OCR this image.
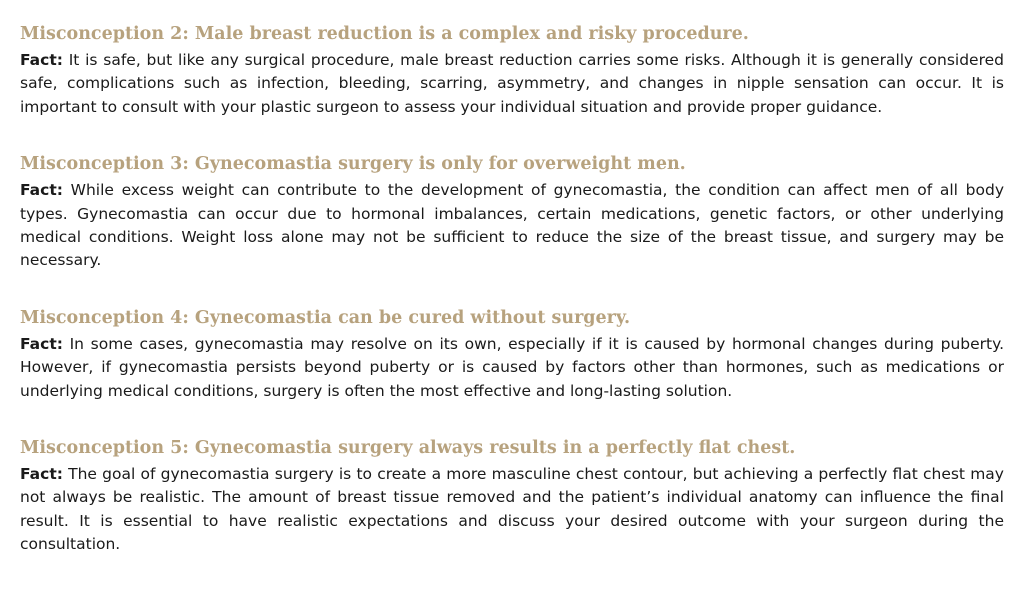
Misconception 2: Male breast reduction is a complex and risky procedure.

Fact: It is safe, but like any surgical procedure, male breast reduction carries some risks. Although it is generally considered safe, complications such as infection, bleeding, scarring, asymmetry, and changes in nipple sensation can occur. It is important to consult with your plastic surgeon to assess your individual situation and provide proper guidance.

Misconception 3: Gynecomastia surgery is only for overweight men.

Fact: While excess weight can contribute to the development of gynecomastia, the condition can affect men of all body types. Gynecomastia can occur due to hormonal imbalances, certain medications, genetic factors, or other underlying medical conditions. Weight loss alone may not be sufficient to reduce the size of the breast tissue, and surgery may be necessary.

Misconception 4: Gynecomastia can be cured without surgery.

Fact: In some cases, gynecomastia may resolve on its own, especially if it is caused by hormonal changes during puberty. However, if gynecomastia persists beyond puberty or is caused by factors other than hormones, such as medications or underlying medical conditions, surgery is often the most effective and long-lasting solution.

Misconception 5: Gynecomastia surgery always results in a perfectly flat chest.

Fact: The goal of gynecomastia surgery is to create a more masculine chest contour, but achieving a perfectly flat chest may not always be realistic. The amount of breast tissue removed and the patient’s individual anatomy can influence the final result. It is essential to have realistic expectations and discuss your desired outcome with your surgeon during the consultation.
